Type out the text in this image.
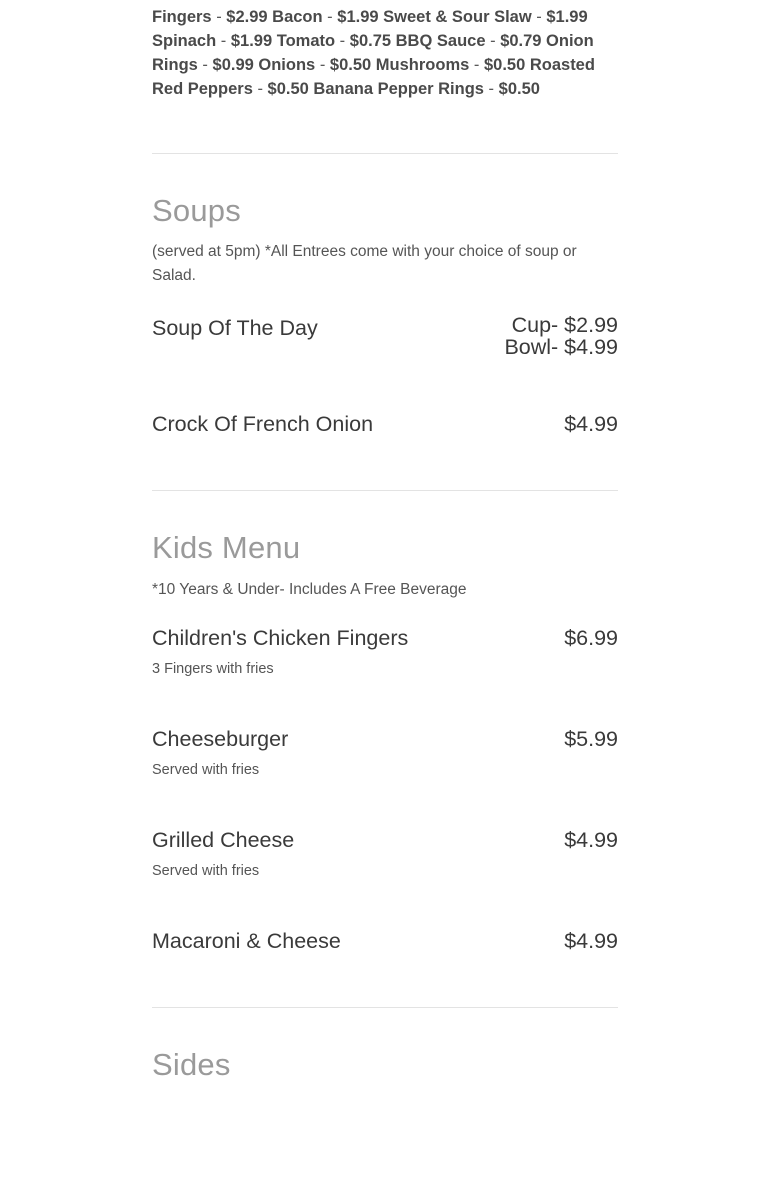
Fingers - $2.99 Bacon - $1.99 Sweet & Sour Slaw - $1.99 Spinach - $1.99 Tomato - $0.75 BBQ Sauce - $0.79 Onion Rings - $0.99 Onions - $0.50 Mushrooms - $0.50 Roasted Red Peppers - $0.50 Banana Pepper Rings - $0.50

Soups

(served at 5pm) *All Entrees come with your choice of soup or Salad.

Soup Of The Day	Cup- $2.99 Bowl- $4.99
Crock Of French Onion	$4.99
Kids Menu

*10 Years & Under- Includes A Free Beverage

Children's Chicken Fingers	$6.99

3 Fingers with fries

Cheeseburger	$5.99

Served with fries

Grilled Cheese	$4.99

Served with fries

Macaroni & Cheese	$4.99
Sides
